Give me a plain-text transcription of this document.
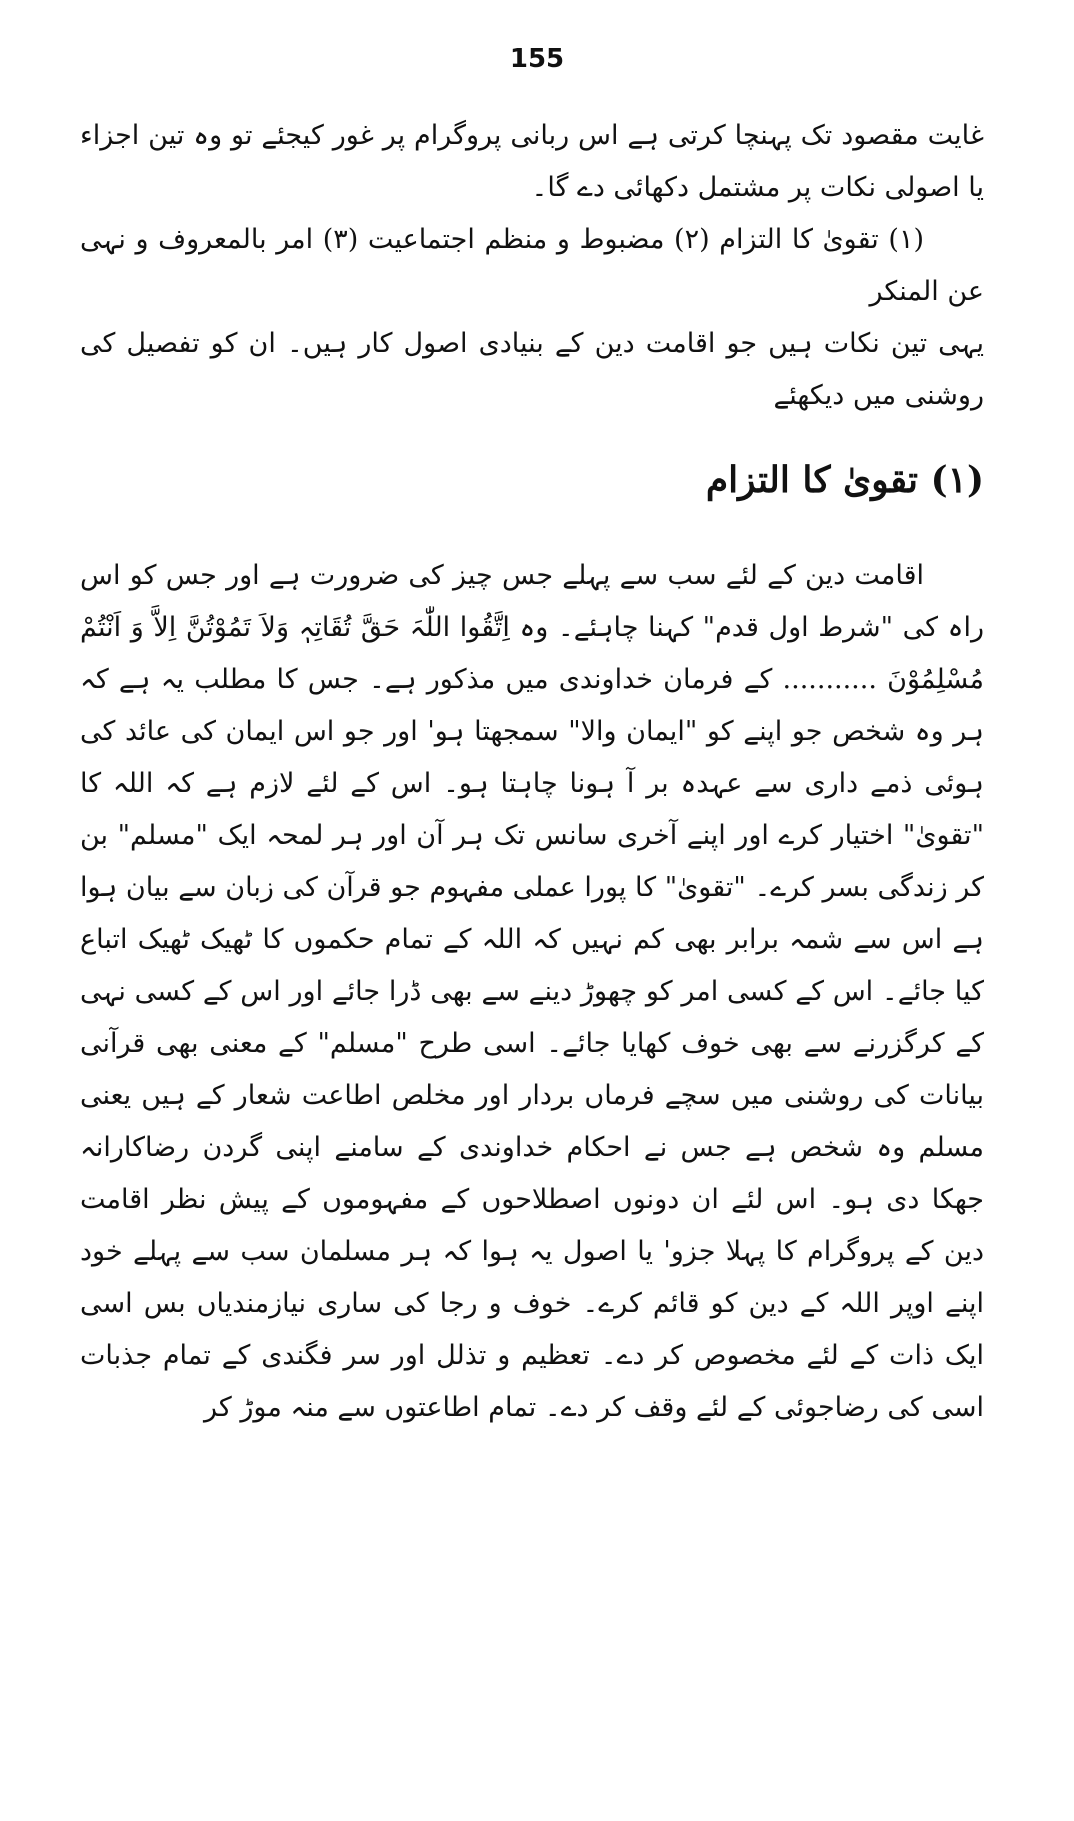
155

غایت مقصود تک پہنچا کرتی ہے اس ربانی پروگرام پر غور کیجئے تو وہ تین اجزاء یا اصولی نکات پر مشتمل دکھائی دے گا۔

(۱) تقویٰ کا التزام (۲) مضبوط و منظم اجتماعیت (۳) امر بالمعروف و نہی عن المنکر

یہی تین نکات ہیں جو اقامت دین کے بنیادی اصول کار ہیں۔ ان کو تفصیل کی روشنی میں دیکھئے

(۱) تقویٰ کا التزام

اقامت دین کے لئے سب سے پہلے جس چیز کی ضرورت ہے اور جس کو اس راہ کی "شرط اول قدم" کہنا چاہئے۔ وہ اِتَّقُوا اللّٰہَ حَقَّ تُقَاتِہٖ وَلاَ تَمُوْتُنَّ اِلاَّ وَ اَنْتُمْ مُسْلِمُوْنَ ........... کے فرمان خداوندی میں مذکور ہے۔ جس کا مطلب یہ ہے کہ ہر وہ شخص جو اپنے کو "ایمان والا" سمجھتا ہو' اور جو اس ایمان کی عائد کی ہوئی ذمے داری سے عہدہ بر آ ہونا چاہتا ہو۔ اس کے لئے لازم ہے کہ اللہ کا "تقویٰ" اختیار کرے اور اپنے آخری سانس تک ہر آن اور ہر لمحہ ایک "مسلم" بن کر زندگی بسر کرے۔ "تقویٰ" کا پورا عملی مفہوم جو قرآن کی زبان سے بیان ہوا ہے اس سے شمہ برابر بھی کم نہیں کہ اللہ کے تمام حکموں کا ٹھیک ٹھیک اتباع کیا جائے۔ اس کے کسی امر کو چھوڑ دینے سے بھی ڈرا جائے اور اس کے کسی نہی کے کرگزرنے سے بھی خوف کھایا جائے۔ اسی طرح "مسلم" کے معنی بھی قرآنی بیانات کی روشنی میں سچے فرماں بردار اور مخلص اطاعت شعار کے ہیں یعنی مسلم وہ شخص ہے جس نے احکام خداوندی کے سامنے اپنی گردن رضاکارانہ جھکا دی ہو۔ اس لئے ان دونوں اصطلاحوں کے مفہوموں کے پیش نظر اقامت دین کے پروگرام کا پہلا جزو' یا اصول یہ ہوا کہ ہر مسلمان سب سے پہلے خود اپنے اوپر اللہ کے دین کو قائم کرے۔ خوف و رجا کی ساری نیازمندیاں بس اسی ایک ذات کے لئے مخصوص کر دے۔ تعظیم و تذلل اور سر فگندی کے تمام جذبات اسی کی رضاجوئی کے لئے وقف کر دے۔ تمام اطاعتوں سے منہ موڑ کر
